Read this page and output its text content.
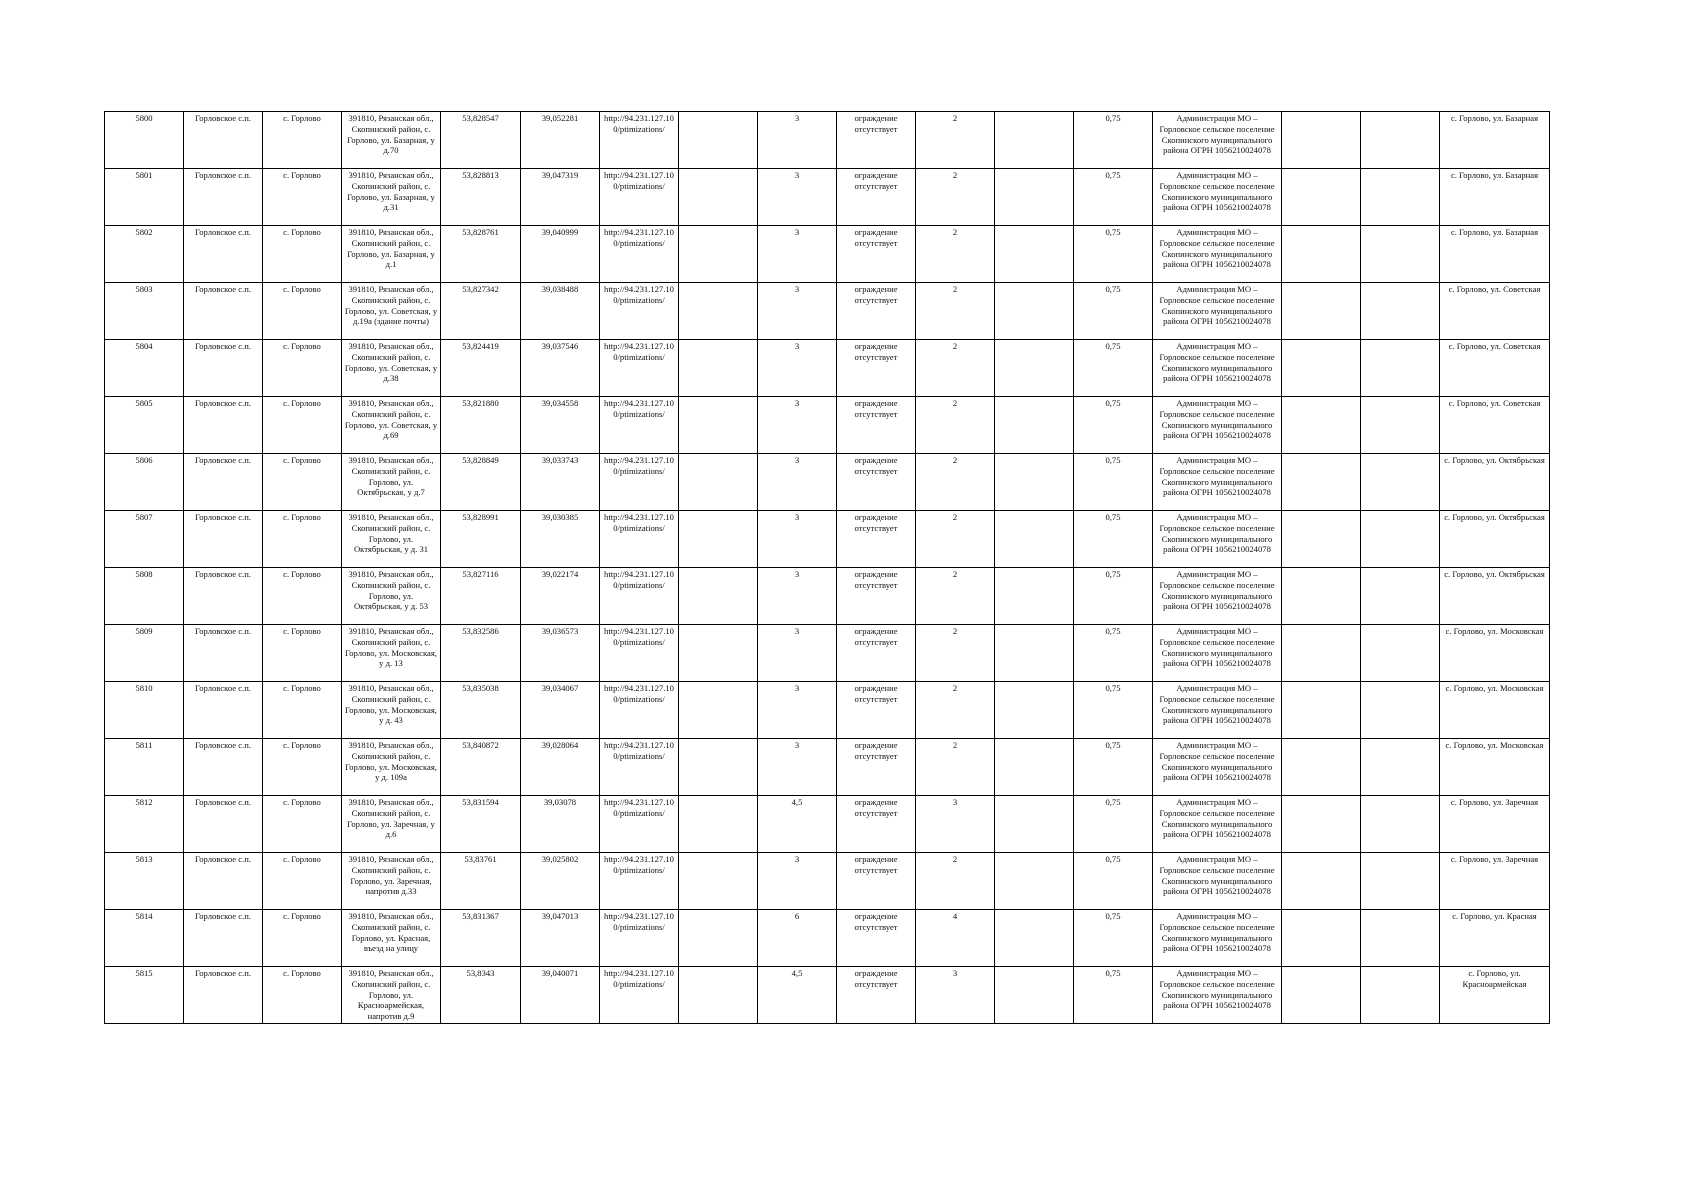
5800	Горловское с.п.	с. Горлово	391810, Рязанская обл., Скопинский район, с. Горлово, ул. Базарная, у д.70	53,828547	39,052281	http://94.231.127.100/ptimizations/		3	ограждение отсутствует	2		0,75	Администрация МО – Горловское сельское поселение Скопинского муниципального района ОГРН 1056210024078			с. Горлово, ул. Базарная
5801	Горловское с.п.	с. Горлово	391810, Рязанская обл., Скопинский район, с. Горлово, ул. Базарная, у д.31	53,828813	39,047319	http://94.231.127.100/ptimizations/		3	ограждение отсутствует	2		0,75	Администрация МО – Горловское сельское поселение Скопинского муниципального района ОГРН 1056210024078			с. Горлово, ул. Базарная
5802	Горловское с.п.	с. Горлово	391810, Рязанская обл., Скопинский район, с. Горлово, ул. Базарная, у д.1	53,828761	39,040999	http://94.231.127.100/ptimizations/		3	ограждение отсутствует	2		0,75	Администрация МО – Горловское сельское поселение Скопинского муниципального района ОГРН 1056210024078			с. Горлово, ул. Базарная
5803	Горловское с.п.	с. Горлово	391810, Рязанская обл., Скопинский район, с. Горлово, ул. Советская, у д.19а (здание почты)	53,827342	39,038488	http://94.231.127.100/ptimizations/		3	ограждение отсутствует	2		0,75	Администрация МО – Горловское сельское поселение Скопинского муниципального района ОГРН 1056210024078			с. Горлово, ул. Советская
5804	Горловское с.п.	с. Горлово	391810, Рязанская обл., Скопинский район, с. Горлово, ул. Советская, у д.38	53,824419	39,037546	http://94.231.127.100/ptimizations/		3	ограждение отсутствует	2		0,75	Администрация МО – Горловское сельское поселение Скопинского муниципального района ОГРН 1056210024078			с. Горлово, ул. Советская
5805	Горловское с.п.	с. Горлово	391810, Рязанская обл., Скопинский район, с. Горлово, ул. Советская, у д.69	53,821880	39,034558	http://94.231.127.100/ptimizations/		3	ограждение отсутствует	2		0,75	Администрация МО – Горловское сельское поселение Скопинского муниципального района ОГРН 1056210024078			с. Горлово, ул. Советская
5806	Горловское с.п.	с. Горлово	391810, Рязанская обл., Скопинский район, с. Горлово, ул. Октябрьская, у д.7	53,828849	39,033743	http://94.231.127.100/ptimizations/		3	ограждение отсутствует	2		0,75	Администрация МО – Горловское сельское поселение Скопинского муниципального района ОГРН 1056210024078			с. Горлово, ул. Октябрьская
5807	Горловское с.п.	с. Горлово	391810, Рязанская обл., Скопинский район, с. Горлово, ул. Октябрьская, у д. 31	53,828991	39,030385	http://94.231.127.100/ptimizations/		3	ограждение отсутствует	2		0,75	Администрация МО – Горловское сельское поселение Скопинского муниципального района ОГРН 1056210024078			с. Горлово, ул. Октябрьская
5808	Горловское с.п.	с. Горлово	391810, Рязанская обл., Скопинский район, с. Горлово, ул. Октябрьская, у д. 53	53,827116	39,022174	http://94.231.127.100/ptimizations/		3	ограждение отсутствует	2		0,75	Администрация МО – Горловское сельское поселение Скопинского муниципального района ОГРН 1056210024078			с. Горлово, ул. Октябрьская
5809	Горловское с.п.	с. Горлово	391810, Рязанская обл., Скопинский район, с. Горлово, ул. Московская, у д. 13	53,832586	39,036573	http://94.231.127.100/ptimizations/		3	ограждение отсутствует	2		0,75	Администрация МО – Горловское сельское поселение Скопинского муниципального района ОГРН 1056210024078			с. Горлово, ул. Московская
5810	Горловское с.п.	с. Горлово	391810, Рязанская обл., Скопинский район, с. Горлово, ул. Московская, у д. 43	53,835038	39,034067	http://94.231.127.100/ptimizations/		3	ограждение отсутствует	2		0,75	Администрация МО – Горловское сельское поселение Скопинского муниципального района ОГРН 1056210024078			с. Горлово, ул. Московская
5811	Горловское с.п.	с. Горлово	391810, Рязанская обл., Скопинский район, с. Горлово, ул. Московская, у д. 109а	53,840872	39,028064	http://94.231.127.100/ptimizations/		3	ограждение отсутствует	2		0,75	Администрация МО – Горловское сельское поселение Скопинского муниципального района ОГРН 1056210024078			с. Горлово, ул. Московская
5812	Горловское с.п.	с. Горлово	391810, Рязанская обл., Скопинский район, с. Горлово, ул. Заречная, у д.6	53,831594	39,03078	http://94.231.127.100/ptimizations/		4,5	ограждение отсутствует	3		0,75	Администрация МО – Горловское сельское поселение Скопинского муниципального района ОГРН 1056210024078			с. Горлово, ул. Заречная
5813	Горловское с.п.	с. Горлово	391810, Рязанская обл., Скопинский район, с. Горлово, ул. Заречная, напротив д.33	53,83761	39,025802	http://94.231.127.100/ptimizations/		3	ограждение отсутствует	2		0,75	Администрация МО – Горловское сельское поселение Скопинского муниципального района ОГРН 1056210024078			с. Горлово, ул. Заречная
5814	Горловское с.п.	с. Горлово	391810, Рязанская обл., Скопинский район, с. Горлово, ул. Красная, въезд на улицу	53,831367	39,047013	http://94.231.127.100/ptimizations/		6	ограждение отсутствует	4		0,75	Администрация МО – Горловское сельское поселение Скопинского муниципального района ОГРН 1056210024078			с. Горлово, ул. Красная
5815	Горловское с.п.	с. Горлово	391810, Рязанская обл., Скопинский район, с. Горлово, ул. Красноармейская, напротив д.9	53,8343	39,040071	http://94.231.127.100/ptimizations/		4,5	ограждение отсутствует	3		0,75	Администрация МО – Горловское сельское поселение Скопинского муниципального района ОГРН 1056210024078			с. Горлово, ул. Красноармейская
